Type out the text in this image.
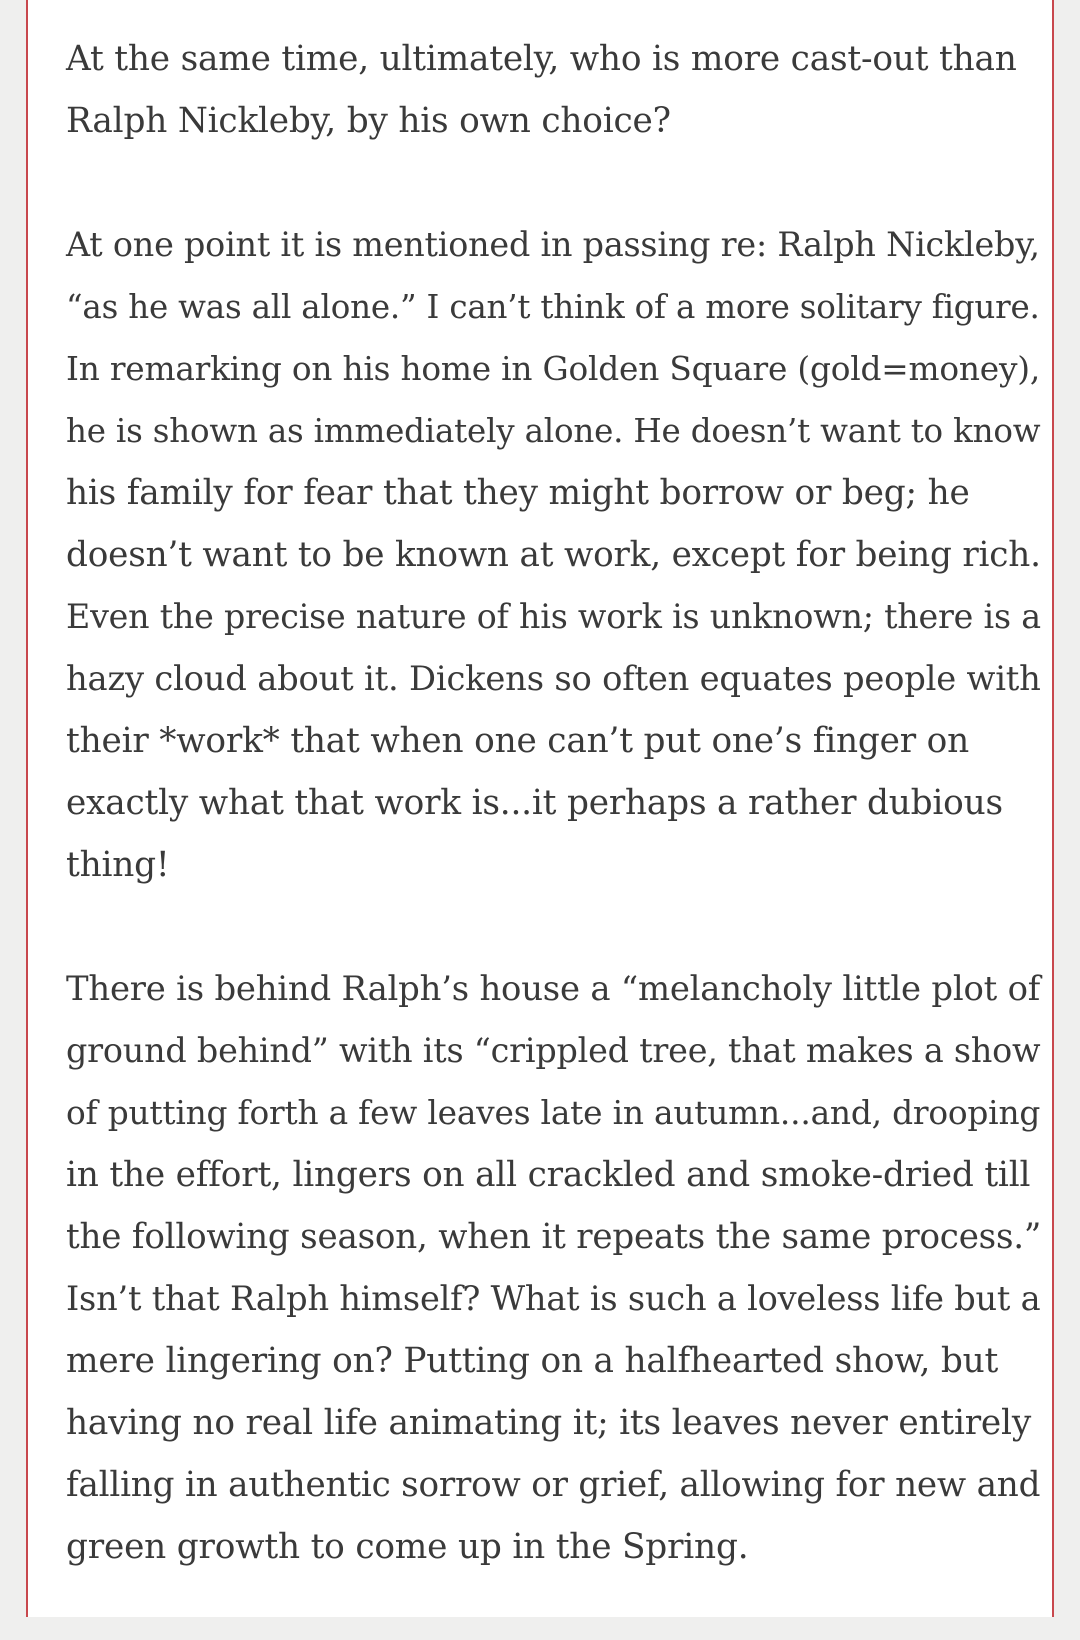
At the same time, ultimately, who is more cast-out than
Ralph Nickleby, by his own choice?

At one point it is mentioned in passing re: Ralph Nickleby,
“as he was all alone.” I can’t think of a more solitary figure.
In remarking on his home in Golden Square (gold=money),
he is shown as immediately alone. He doesn’t want to know
his family for fear that they might borrow or beg; he
doesn’t want to be known at work, except for being rich.
Even the precise nature of his work is unknown; there is a
hazy cloud about it. Dickens so often equates people with
their *work* that when one can’t put one’s finger on
exactly what that work is...it perhaps a rather dubious
thing!

There is behind Ralph’s house a “melancholy little plot of
ground behind” with its “crippled tree, that makes a show
of putting forth a few leaves late in autumn...and, drooping
in the effort, lingers on all crackled and smoke-dried till
the following season, when it repeats the same process.”
Isn’t that Ralph himself? What is such a loveless life but a
mere lingering on? Putting on a halfhearted show, but
having no real life animating it; its leaves never entirely
falling in authentic sorrow or grief, allowing for new and
green growth to come up in the Spring.
